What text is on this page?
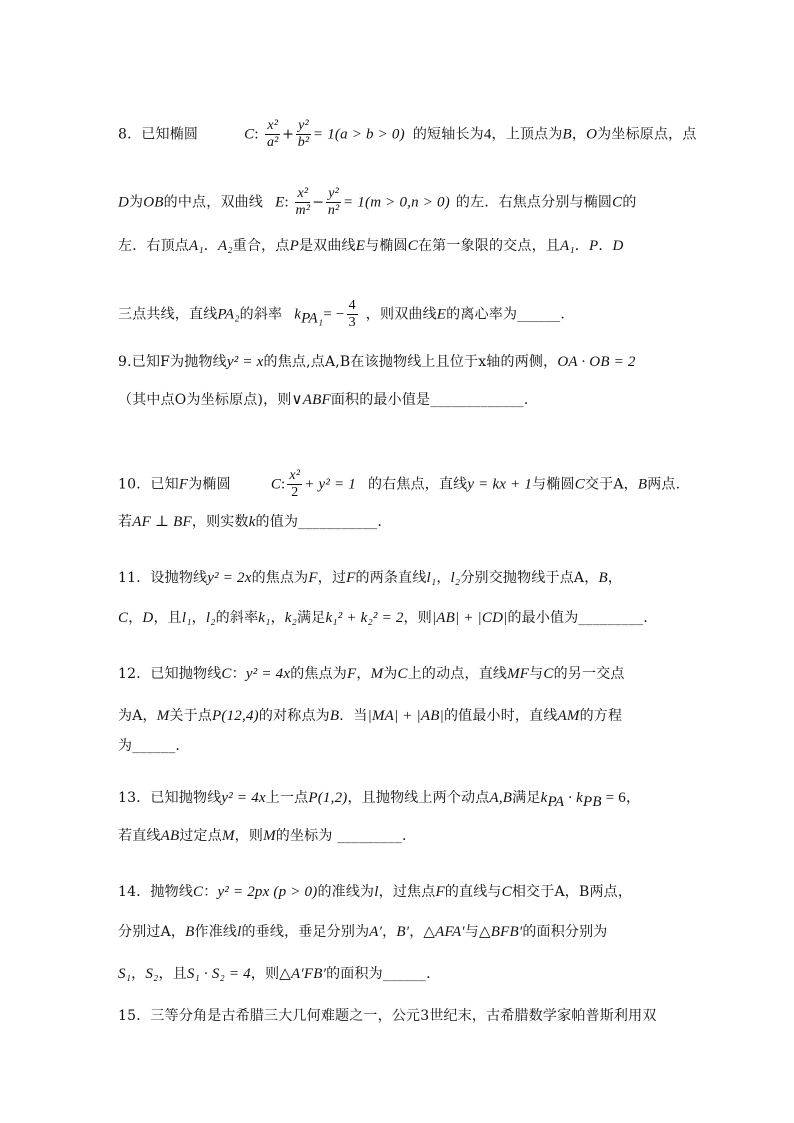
8．已知椭圆	C: $\frac{\text{x²}}{\text{a²}} + \frac{\text{y²}}{\text{b²}} = 1(a > b > 0)$ 的短轴长为4，上顶点为B，O为坐标原点，点
D为OB的中点，双曲线 E: $\frac{\text{x²}}{\text{m²}} - \frac{\text{y²}}{\text{n²}} = 1(m > 0,n > 0)$ 的左．右焦点分别与椭圆C的
左．右顶点A₁．A₂重合，点P是双曲线E与椭圆C在第一象限的交点，且A₁．P．D
三点共线，直线PA₂的斜率 $k_{PA_1}= - \frac{4}{3}$ ，则双曲线E的离心率为______.
9.已知F为抛物线y² = x的焦点,点A,B在该抛物线上且位于x轴的两侧，OA · OB = 2
（其中点O为坐标原点)，则∨ABF面积的最小值是_____________.
10．已知F为椭圆	C: $\frac{\text{x²}}{2} + y^2 = 1$ 的右焦点，直线y = kx + 1与椭圆C交于A，B两点.
若AF ⊥ BF，则实数k的值为___________.
11．设抛物线y² = 2x的焦点为F，过F的两条直线l₁，l₂分别交抛物线于点A，B，
C，D，且l₁，l₂的斜率k₁，k₂满足k₁² + k₂² = 2，则|AB| + |CD|的最小值为_________.
12．已知抛物线C：y² = 4x的焦点为F，M为C上的动点，直线MF与C的另一交点
为A，M关于点P(12,4)的对称点为B．当|MA| + |AB|的值最小时，直线AM的方程
为______.
13．已知抛物线y² = 4x上一点P(1,2)，且抛物线上两个动点A,B满足$k_{PA} \cdot k_{PB} = 6$，
若直线AB过定点M，则M的坐标为 _________.
14．抛物线C：y² = 2px (p > 0)的准线为l，过焦点F的直线与C相交于A，B两点，
分别过A，B作准线l的垂线，垂足分别为A′，B′，△AFA′与△BFB′的面积分别为
S₁，S₂，且S₁ · S₂ = 4，则△A′FB′的面积为______.
15．三等分角是古希腊三大几何难题之一，公元3世纪末，古希腊数学家帕普斯利用双
